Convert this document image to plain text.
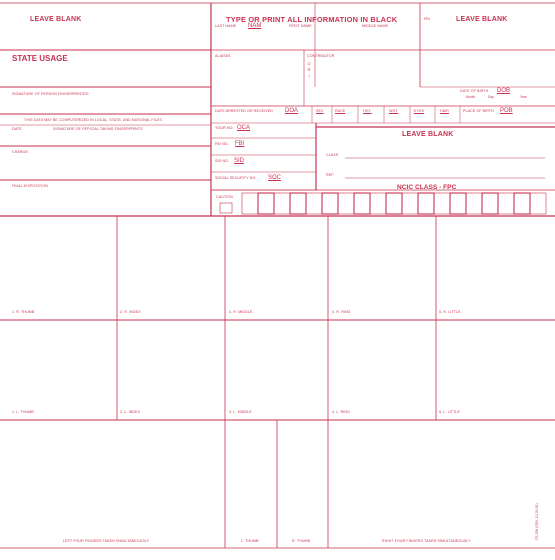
LEAVE BLANK	TYPE OR PRINT ALL INFORMATION IN BLACK
LAST NAME NAM	FIRST NAME	MIDDLE NAME
FBI	LEAVE BLANK
STATE USAGE
SIGNATURE OF PERSON FINGERPRINTED
THIS DATA MAY BE COMPUTERIZED IN LOCAL, STATE, AND NATIONAL FILES
DATE	SIGNATURE OF OFFICIAL TAKING FINGERPRINTS
CHARGE
FINAL DISPOSITION
ALIASES	CONTRIBUTOR
O
R
I
DATE ARRESTED OR RECEIVED DOA
YOUR NO. OCA
FBI NO. FBI
SID NO. SID
SOCIAL SECURITY NO. SOC
CAUTION
DATE OF BIRTH DOB
Month	Day	Year
SEX	RACE	HGT.	WGT.	EYES	HAIR	PLACE OF BIRTH POB
LEAVE BLANK
CLASS
REF.
NCIC CLASS - FPC
1. R. THUMB	2. R. INDEX	3. R. MIDDLE	4. R. RING	5. R. LITTLE
1. L. THUMB	2. L. INDEX	3. L. MIDDLE	4. L. RING	5. L. LITTLE
LEFT FOUR FINGERS TAKEN SIMULTANEOUSLY	L. THUMB	R. THUMB	RIGHT FOUR FINGERS TAKEN SIMULTANEOUSLY
FD-258 (REV. 12-29-82)
